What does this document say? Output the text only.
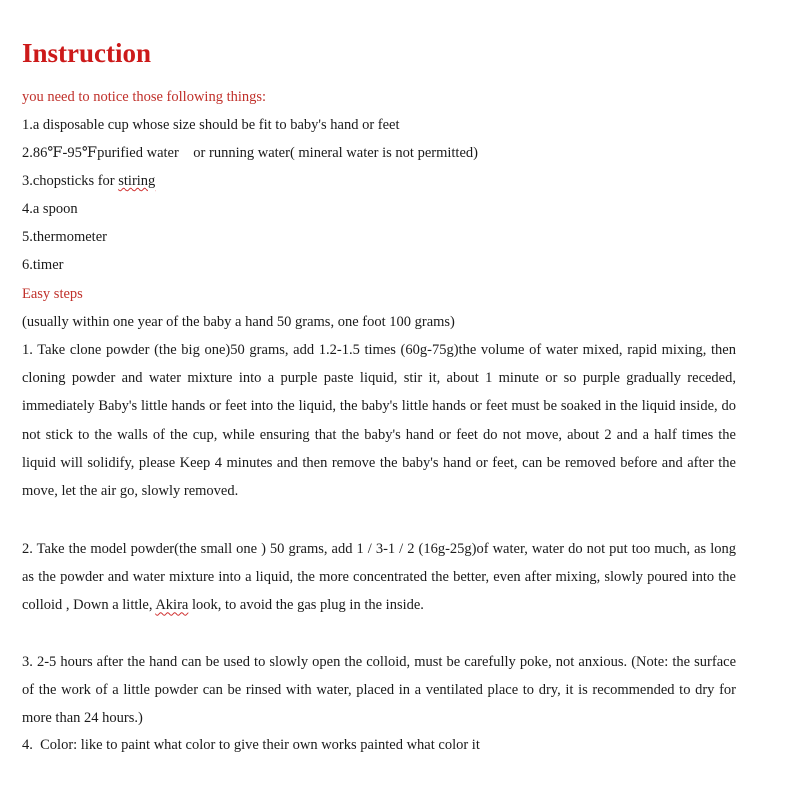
Instruction
you need to notice those following things:
1.a disposable cup whose size should be fit to baby's hand or feet
2.86℉-95℉purified water    or running water( mineral water is not permitted)
3.chopsticks for stiring
4.a spoon
5.thermometer
6.timer
Easy steps
(usually within one year of the baby a hand 50 grams, one foot 100 grams)
1. Take clone powder (the big one)50 grams, add 1.2-1.5 times (60g-75g)the volume of water mixed, rapid mixing, then cloning powder and water mixture into a purple paste liquid, stir it, about 1 minute or so purple gradually receded, immediately Baby's little hands or feet into the liquid, the baby's little hands or feet must be soaked in the liquid inside, do not stick to the walls of the cup, while ensuring that the baby's hand or feet do not move, about 2 and a half times the liquid will solidify, please Keep 4 minutes and then remove the baby's hand or feet, can be removed before and after the move, let the air go, slowly removed.
2. Take the model powder(the small one ) 50 grams, add 1 / 3-1 / 2 (16g-25g)of water, water do not put too much, as long as the powder and water mixture into a liquid, the more concentrated the better, even after mixing, slowly poured into the colloid , Down a little, Akira look, to avoid the gas plug in the inside.
3. 2-5 hours after the hand can be used to slowly open the colloid, must be carefully poke, not anxious. (Note: the surface of the work of a little powder can be rinsed with water, placed in a ventilated place to dry, it is recommended to dry for more than 24 hours.)
4.  Color: like to paint what color to give their own works painted what color it
